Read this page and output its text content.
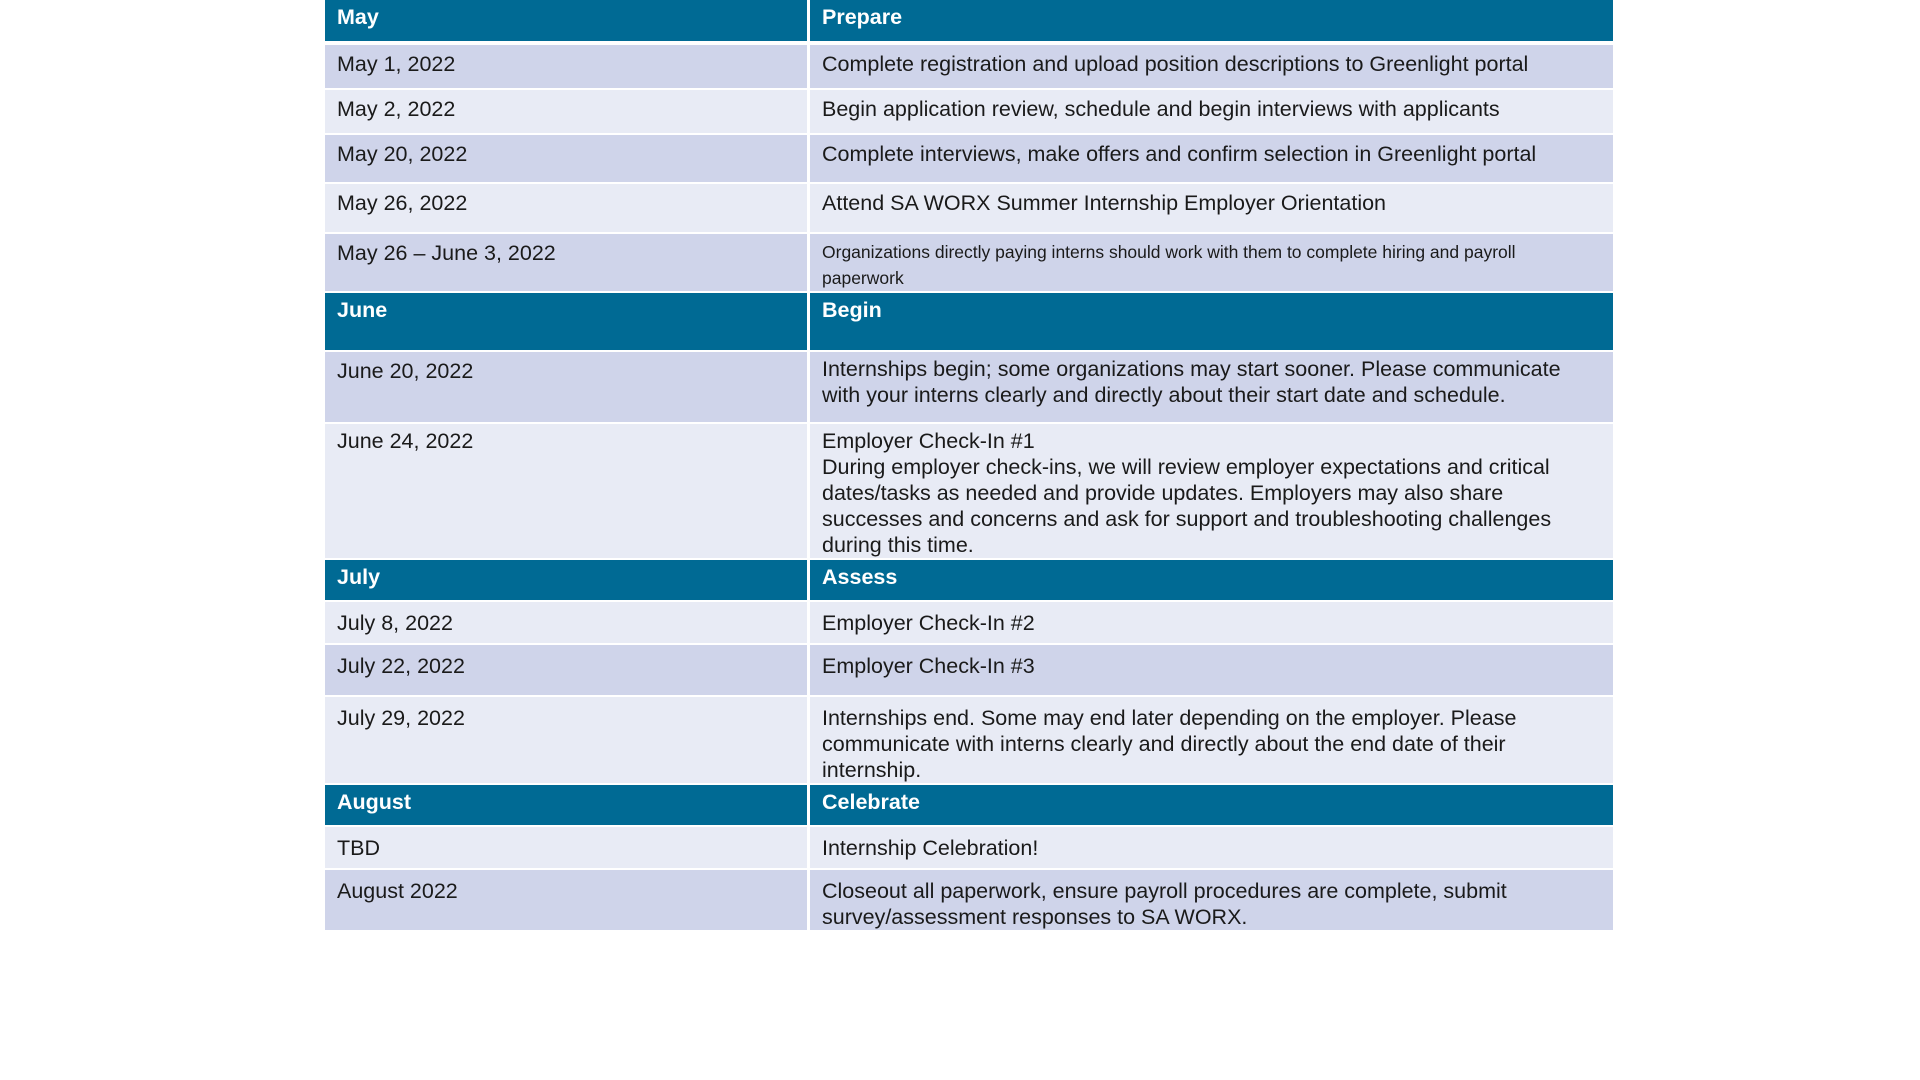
May	Prepare
May 1, 2022	Complete registration and upload position descriptions to Greenlight portal
May 2, 2022	Begin application review, schedule and begin interviews with applicants
May 20, 2022	Complete interviews, make offers and confirm selection in Greenlight portal
May 26, 2022	Attend SA WORX Summer Internship Employer Orientation
May 26 – June 3, 2022	Organizations directly paying interns should work with them to complete hiring and payroll paperwork
June	Begin
June 20, 2022	Internships begin; some organizations may start sooner. Please communicate with your interns clearly and directly about their start date and schedule.
June 24, 2022	Employer Check-In #1
During employer check-ins, we will review employer expectations and critical dates/tasks as needed and provide updates. Employers may also share successes and concerns and ask for support and troubleshooting challenges during this time.

July	Assess
July 8, 2022	Employer Check-In #2
July 22, 2022	Employer Check-In #3
July 29, 2022	Internships end. Some may end later depending on the employer. Please communicate with interns clearly and directly about the end date of their internship.
August	Celebrate
TBD	Internship Celebration!
August 2022	Closeout all paperwork, ensure payroll procedures are complete, submit survey/assessment responses to SA WORX.
